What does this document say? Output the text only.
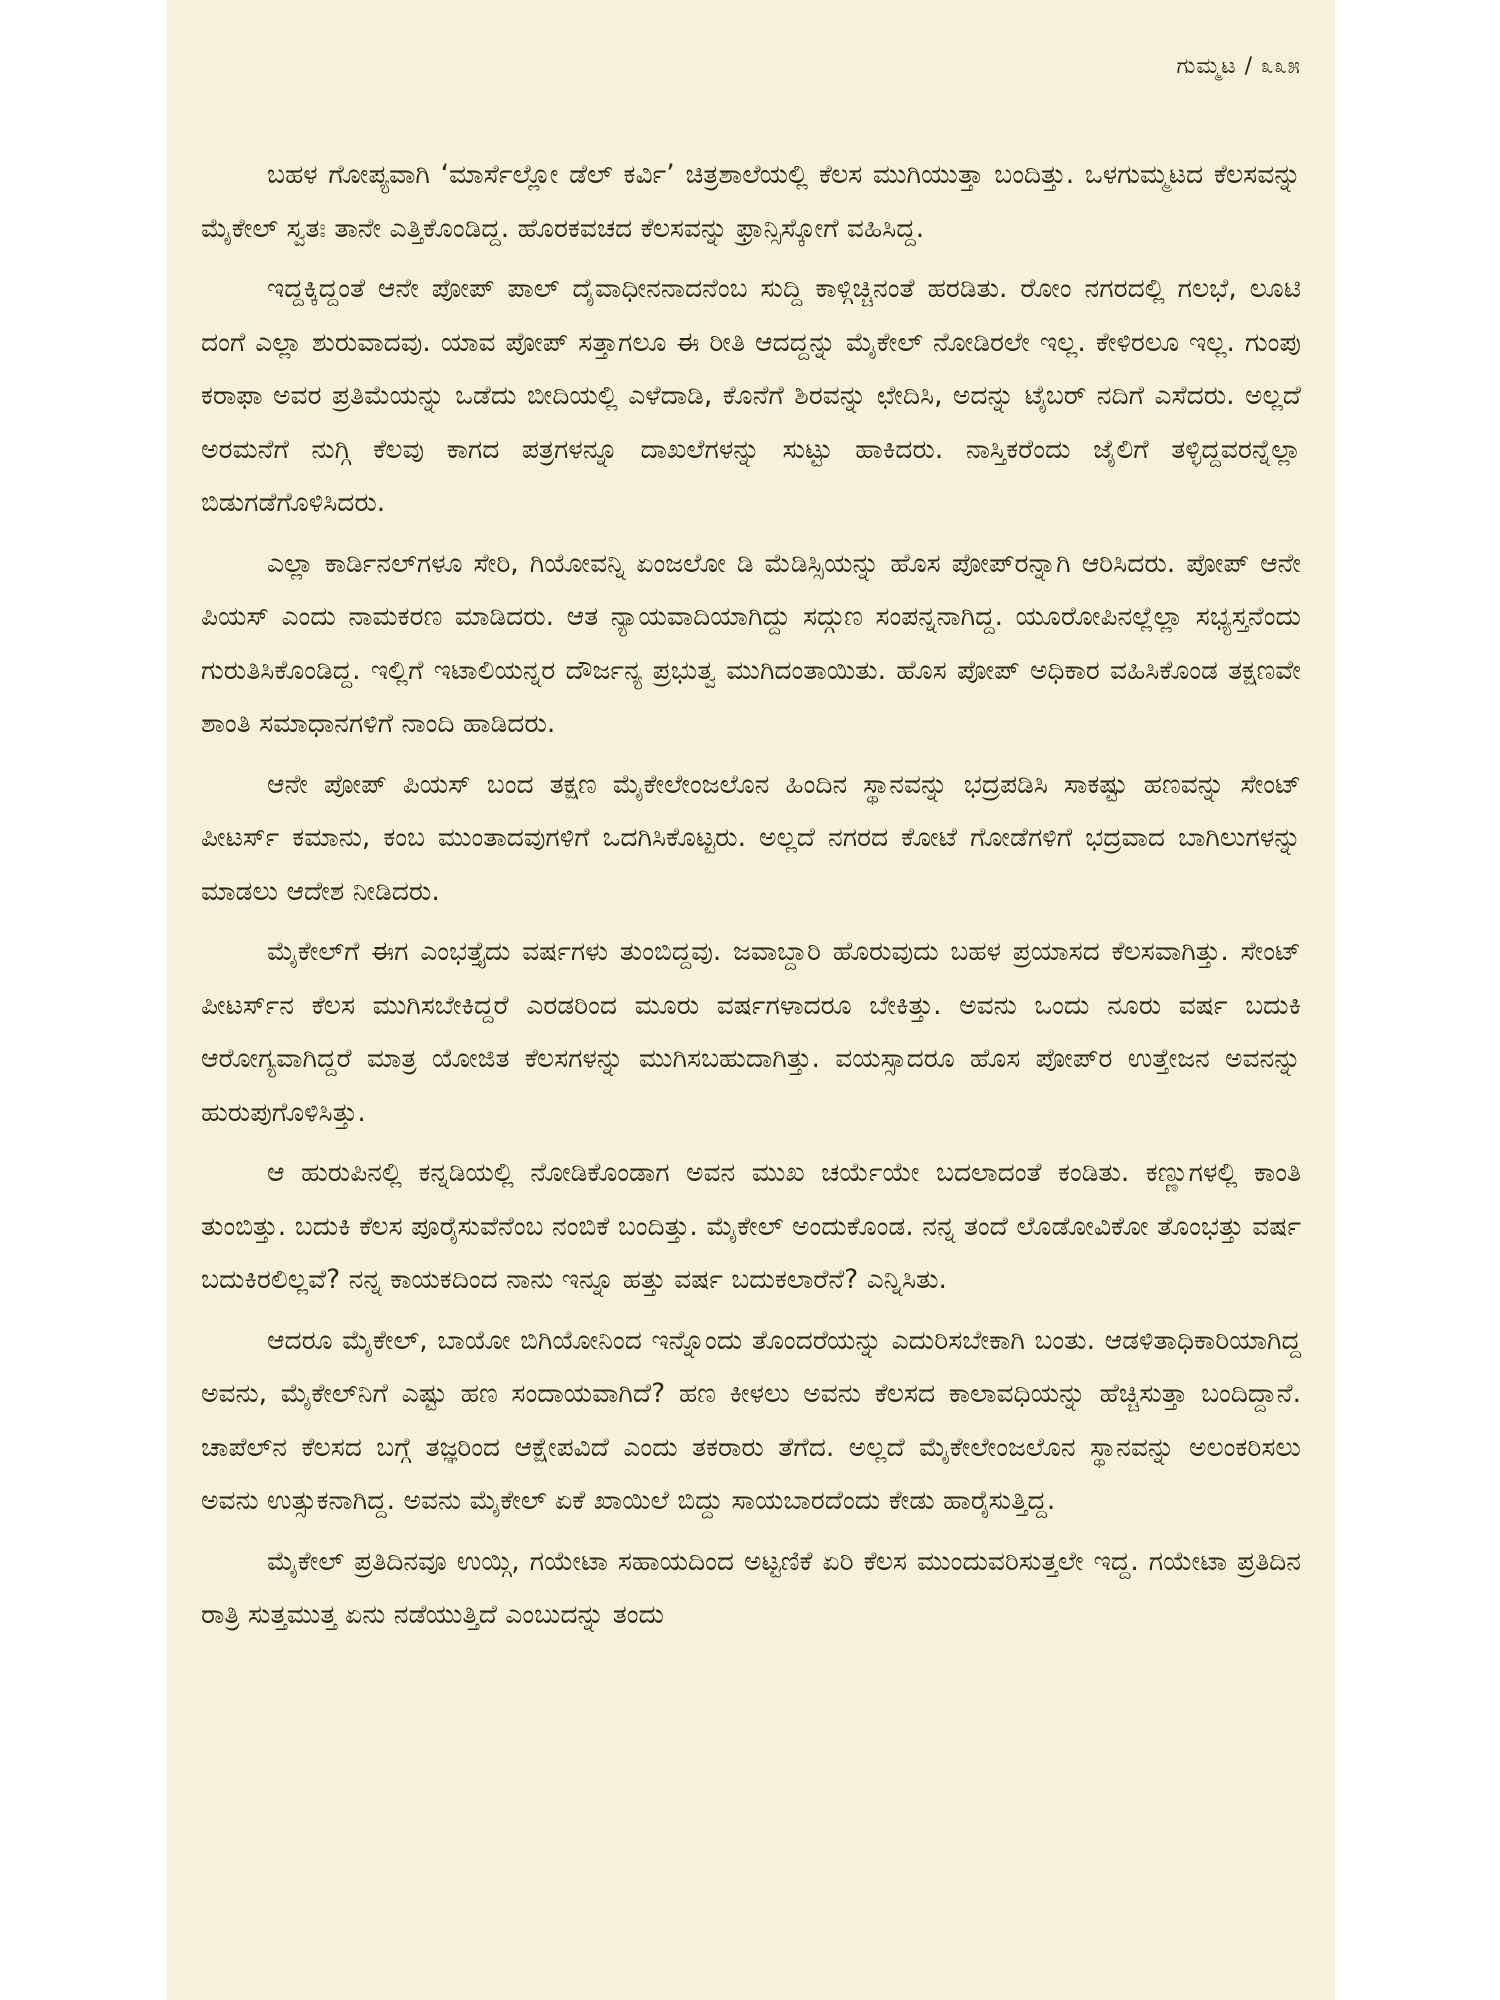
ಗುಮ್ಮಟ / ೩೩೫

ಬಹಳ ಗೋಪ್ಯವಾಗಿ ‘ಮಾರ್ಸೆಲ್ಲೋ ಡೆಲ್ ಕರ್ವಿ’ ಚಿತ್ರಶಾಲೆಯಲ್ಲಿ ಕೆಲಸ ಮುಗಿಯುತ್ತಾ ಬಂದಿತ್ತು. ಒಳಗುಮ್ಮಟದ ಕೆಲಸವನ್ನು ಮೈಕೇಲ್ ಸ್ವತಃ ತಾನೇ ಎತ್ತಿಕೊಂಡಿದ್ದ. ಹೊರಕವಚದ ಕೆಲಸವನ್ನು ಫ್ರಾನ್ಸಿಸ್ಕೋಗೆ ವಹಿಸಿದ್ದ.

ಇದ್ದಕ್ಕಿದ್ದಂತೆ ಆನೇ ಪೋಪ್ ಪಾಲ್ ದೈವಾಧೀನನಾದನೆಂಬ ಸುದ್ದಿ ಕಾಳ್ಗಿಚ್ಚಿನಂತೆ ಹರಡಿತು. ರೋಂ ನಗರದಲ್ಲಿ ಗಲಭೆ, ಲೂಟಿ ದಂಗೆ ಎಲ್ಲಾ ಶುರುವಾದವು. ಯಾವ ಪೋಪ್ ಸತ್ತಾಗಲೂ ಈ ರೀತಿ ಆದದ್ದನ್ನು ಮೈಕೇಲ್ ನೋಡಿರಲೇ ಇಲ್ಲ. ಕೇಳಿರಲೂ ಇಲ್ಲ. ಗುಂಪು ಕರಾಫಾ ಅವರ ಪ್ರತಿಮೆಯನ್ನು ಒಡೆದು ಬೀದಿಯಲ್ಲಿ ಎಳೆದಾಡಿ, ಕೊನೆಗೆ ಶಿರವನ್ನು ಛೇದಿಸಿ, ಅದನ್ನು ಟೈಬರ್ ನದಿಗೆ ಎಸೆದರು. ಅಲ್ಲದೆ ಅರಮನೆಗೆ ನುಗ್ಗಿ ಕೆಲವು ಕಾಗದ ಪತ್ರಗಳನ್ನೂ ದಾಖಲೆಗಳನ್ನು ಸುಟ್ಟು ಹಾಕಿದರು. ನಾಸ್ತಿಕರೆಂದು ಜೈಲಿಗೆ ತಳ್ಳಿದ್ದವರನ್ನೆಲ್ಲಾ ಬಿಡುಗಡೆಗೊಳಿಸಿದರು.

ಎಲ್ಲಾ ಕಾರ್ಡಿನಲ್‌ಗಳೂ ಸೇರಿ, ಗಿಯೋವನ್ನಿ ಏಂಜಲೋ ಡಿ ಮೆಡಿಸ್ಸಿಯನ್ನು ಹೊಸ ಪೋಪ್‌ರನ್ನಾಗಿ ಆರಿಸಿದರು. ಪೋಪ್ ಆನೇ ಪಿಯಸ್ ಎಂದು ನಾಮಕರಣ ಮಾಡಿದರು. ಆತ ನ್ಯಾಯವಾದಿಯಾಗಿದ್ದು ಸದ್ಗುಣ ಸಂಪನ್ನನಾಗಿದ್ದ. ಯೂರೋಪಿನಲ್ಲೆಲ್ಲಾ ಸಭ್ಯಸ್ತನೆಂದು ಗುರುತಿಸಿಕೊಂಡಿದ್ದ. ಇಲ್ಲಿಗೆ ಇಟಾಲಿಯನ್ನರ ದೌರ್ಜನ್ಯ ಪ್ರಭುತ್ವ ಮುಗಿದಂತಾಯಿತು. ಹೊಸ ಪೋಪ್ ಅಧಿಕಾರ ವಹಿಸಿಕೊಂಡ ತಕ್ಷಣವೇ ಶಾಂತಿ ಸಮಾಧಾನಗಳಿಗೆ ನಾಂದಿ ಹಾಡಿದರು.

ಆನೇ ಪೋಪ್ ಪಿಯಸ್ ಬಂದ ತಕ್ಷಣ ಮೈಕೇಲೇಂಜಲೊನ ಹಿಂದಿನ ಸ್ಥಾನವನ್ನು ಭದ್ರಪಡಿಸಿ ಸಾಕಷ್ಟು ಹಣವನ್ನು ಸೇಂಟ್ ಪೀಟರ್ಸ್ ಕಮಾನು, ಕಂಬ ಮುಂತಾದವುಗಳಿಗೆ ಒದಗಿಸಿಕೊಟ್ಟರು. ಅಲ್ಲದೆ ನಗರದ ಕೋಟೆ ಗೋಡೆಗಳಿಗೆ ಭದ್ರವಾದ ಬಾಗಿಲುಗಳನ್ನು ಮಾಡಲು ಆದೇಶ ನೀಡಿದರು.

ಮೈಕೇಲ್‌ಗೆ ಈಗ ಎಂಭತ್ತೈದು ವರ್ಷಗಳು ತುಂಬಿದ್ದವು. ಜವಾಬ್ದಾರಿ ಹೊರುವುದು ಬಹಳ ಪ್ರಯಾಸದ ಕೆಲಸವಾಗಿತ್ತು. ಸೇಂಟ್ ಪೀಟರ್ಸ್‌ನ ಕೆಲಸ ಮುಗಿಸಬೇಕಿದ್ದರೆ ಎರಡರಿಂದ ಮೂರು ವರ್ಷಗಳಾದರೂ ಬೇಕಿತ್ತು. ಅವನು ಒಂದು ನೂರು ವರ್ಷ ಬದುಕಿ ಆರೋಗ್ಯವಾಗಿದ್ದರೆ ಮಾತ್ರ ಯೋಜಿತ ಕೆಲಸಗಳನ್ನು ಮುಗಿಸಬಹುದಾಗಿತ್ತು. ವಯಸ್ಸಾದರೂ ಹೊಸ ಪೋಪ್‌ರ ಉತ್ತೇಜನ ಅವನನ್ನು ಹುರುಪುಗೊಳಿಸಿತ್ತು.

ಆ ಹುರುಪಿನಲ್ಲಿ ಕನ್ನಡಿಯಲ್ಲಿ ನೋಡಿಕೊಂಡಾಗ ಅವನ ಮುಖ ಚರ್ಯೆಯೇ ಬದಲಾದಂತೆ ಕಂಡಿತು. ಕಣ್ಣುಗಳಲ್ಲಿ ಕಾಂತಿ ತುಂಬಿತ್ತು. ಬದುಕಿ ಕೆಲಸ ಪೂರೈಸುವೆನೆಂಬ ನಂಬಿಕೆ ಬಂದಿತ್ತು. ಮೈಕೇಲ್ ಅಂದುಕೊಂಡ. ನನ್ನ ತಂದೆ ಲೊಡೋವಿಕೋ ತೊಂಭತ್ತು ವರ್ಷ ಬದುಕಿರಲಿಲ್ಲವೆ? ನನ್ನ ಕಾಯಕದಿಂದ ನಾನು ಇನ್ನೂ ಹತ್ತು ವರ್ಷ ಬದುಕಲಾರೆನೆ? ಎನ್ನಿಸಿತು.

ಆದರೂ ಮೈಕೇಲ್, ಬಾಯೋ ಬಿಗಿಯೋನಿಂದ ಇನ್ನೊಂದು ತೊಂದರೆಯನ್ನು ಎದುರಿಸಬೇಕಾಗಿ ಬಂತು. ಆಡಳಿತಾಧಿಕಾರಿಯಾಗಿದ್ದ ಅವನು, ಮೈಕೇಲ್‌ನಿಗೆ ಎಷ್ಟು ಹಣ ಸಂದಾಯವಾಗಿದೆ? ಹಣ ಕೀಳಲು ಅವನು ಕೆಲಸದ ಕಾಲಾವಧಿಯನ್ನು ಹೆಚ್ಚಿಸುತ್ತಾ ಬಂದಿದ್ದಾನೆ. ಚಾಪೆಲ್‌ನ ಕೆಲಸದ ಬಗ್ಗೆ ತಜ್ಞರಿಂದ ಆಕ್ಷೇಪವಿದೆ ಎಂದು ತಕರಾರು ತೆಗೆದ. ಅಲ್ಲದೆ ಮೈಕೇಲೇಂಜಲೊನ ಸ್ಥಾನವನ್ನು ಅಲಂಕರಿಸಲು ಅವನು ಉತ್ಸುಕನಾಗಿದ್ದ. ಅವನು ಮೈಕೇಲ್ ಏಕೆ ಖಾಯಿಲೆ ಬಿದ್ದು ಸಾಯಬಾರದೆಂದು ಕೇಡು ಹಾರೈಸುತ್ತಿದ್ದ.

ಮೈಕೇಲ್ ಪ್ರತಿದಿನವೂ ಉಯ್ಗಿ, ಗಯೇಟಾ ಸಹಾಯದಿಂದ ಅಟ್ಟಣಿಕೆ ಏರಿ ಕೆಲಸ ಮುಂದುವರಿಸುತ್ತಲೇ ಇದ್ದ. ಗಯೇಟಾ ಪ್ರತಿದಿನ ರಾತ್ರಿ ಸುತ್ತಮುತ್ತ ಏನು ನಡೆಯುತ್ತಿದೆ ಎಂಬುದನ್ನು ತಂದು
